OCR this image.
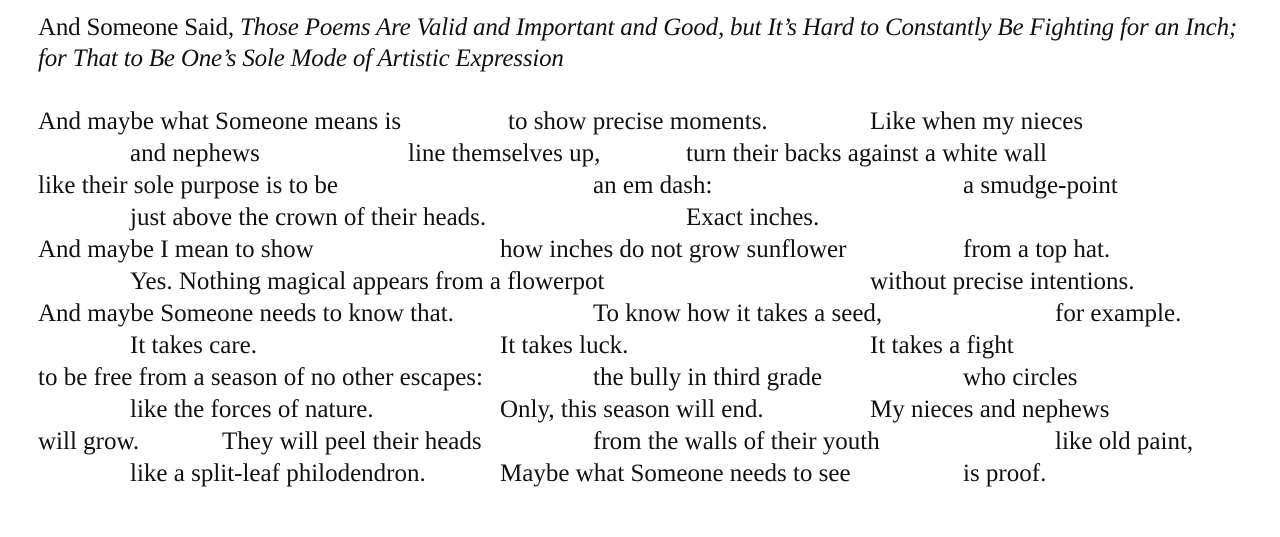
And Someone Said, Those Poems Are Valid and Important and Good, but It’s Hard to Constantly Be Fighting for an Inch; for That to Be One’s Sole Mode of Artistic Expression
And maybe what Someone means is	to show precise moments.	Like when my nieces
and nephews	line themselves up,	turn their backs against a white wall
like their sole purpose is to be	an em dash:	a smudge-point
just above the crown of their heads.	Exact inches.
And maybe I mean to show	how inches do not grow sunflower	from a top hat.
Yes. Nothing magical appears from a flowerpot	without precise intentions.
And maybe Someone needs to know that.	To know how it takes a seed,	for example.
It takes care.	It takes luck.	It takes a fight
to be free from a season of no other escapes:	the bully in third grade	who circles
like the forces of nature.	Only, this season will end.	My nieces and nephews
will grow.	They will peel their heads	from the walls of their youth	like old paint,
like a split-leaf philodendron.	Maybe what Someone needs to see	is proof.
